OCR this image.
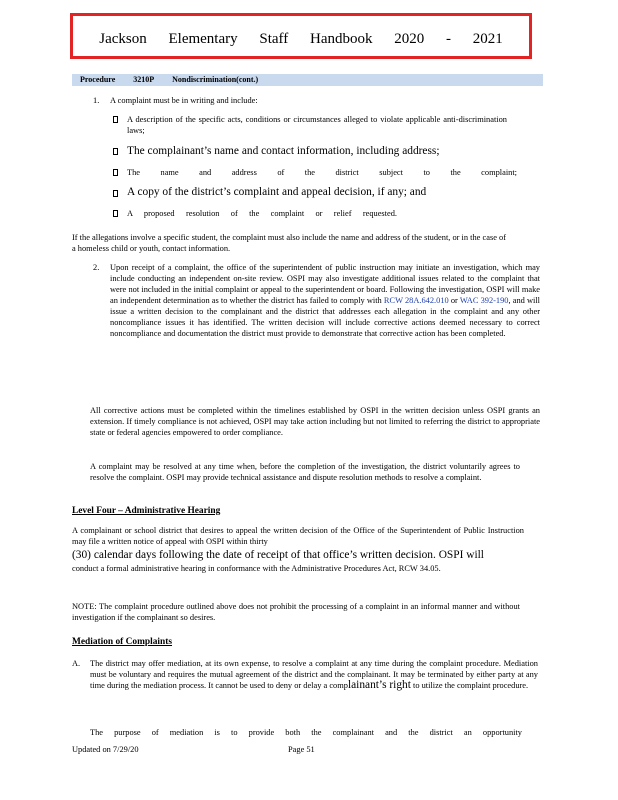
Jackson Elementary Staff Handbook 2020 - 2021
Procedure 3210P Nondiscrimination(cont.)
1. A complaint must be in writing and include:

A description of the specific acts, conditions or circumstances alleged to violate applicable anti-discrimination laws;

The complainant’s name and contact information, including address;

The name and address of the district subject to the complaint;

A copy of the district’s complaint and appeal decision, if any; and

A proposed resolution of the complaint or relief requested.

If the allegations involve a specific student, the complaint must also include the name and address of the student, or in the case of a homeless child or youth, contact information.

2. Upon receipt of a complaint, the office of the superintendent of public instruction may initiate an investigation, which may include conducting an independent on-site review. OSPI may also investigate additional issues related to the complaint that were not included in the initial complaint or appeal to the superintendent or board. Following the investigation, OSPI will make an independent determination as to whether the district has failed to comply with RCW 28A.642.010 or WAC 392-190, and will issue a written decision to the complainant and the district that addresses each allegation in the complaint and any other noncompliance issues it has identified. The written decision will include corrective actions deemed necessary to correct noncompliance and documentation the district must provide to demonstrate that corrective action has been completed.

All corrective actions must be completed within the timelines established by OSPI in the written decision unless OSPI grants an extension. If timely compliance is not achieved, OSPI may take action including but not limited to referring the district to appropriate state or federal agencies empowered to order compliance.

A complaint may be resolved at any time when, before the completion of the investigation, the district voluntarily agrees to resolve the complaint. OSPI may provide technical assistance and dispute resolution methods to resolve a complaint.

Level Four – Administrative Hearing

A complainant or school district that desires to appeal the written decision of the Office of the Superintendent of Public Instruction may file a written notice of appeal with OSPI within thirty

(30) calendar days following the date of receipt of that office’s written decision. OSPI will

conduct a formal administrative hearing in conformance with the Administrative Procedures Act, RCW 34.05.

NOTE: The complaint procedure outlined above does not prohibit the processing of a complaint in an informal manner and without investigation if the complainant so desires.

Mediation of Complaints
A. The district may offer mediation, at its own expense, to resolve a complaint at any time during the complaint procedure. Mediation must be voluntary and requires the mutual agreement of the district and the complainant. It may be terminated by either party at any time during the mediation process. It cannot be used to deny or delay a complainant’s right to utilize the complaint procedure.

The purpose of mediation is to provide both the complainant and the district an opportunity

Updated on 7/29/20	Page 51
